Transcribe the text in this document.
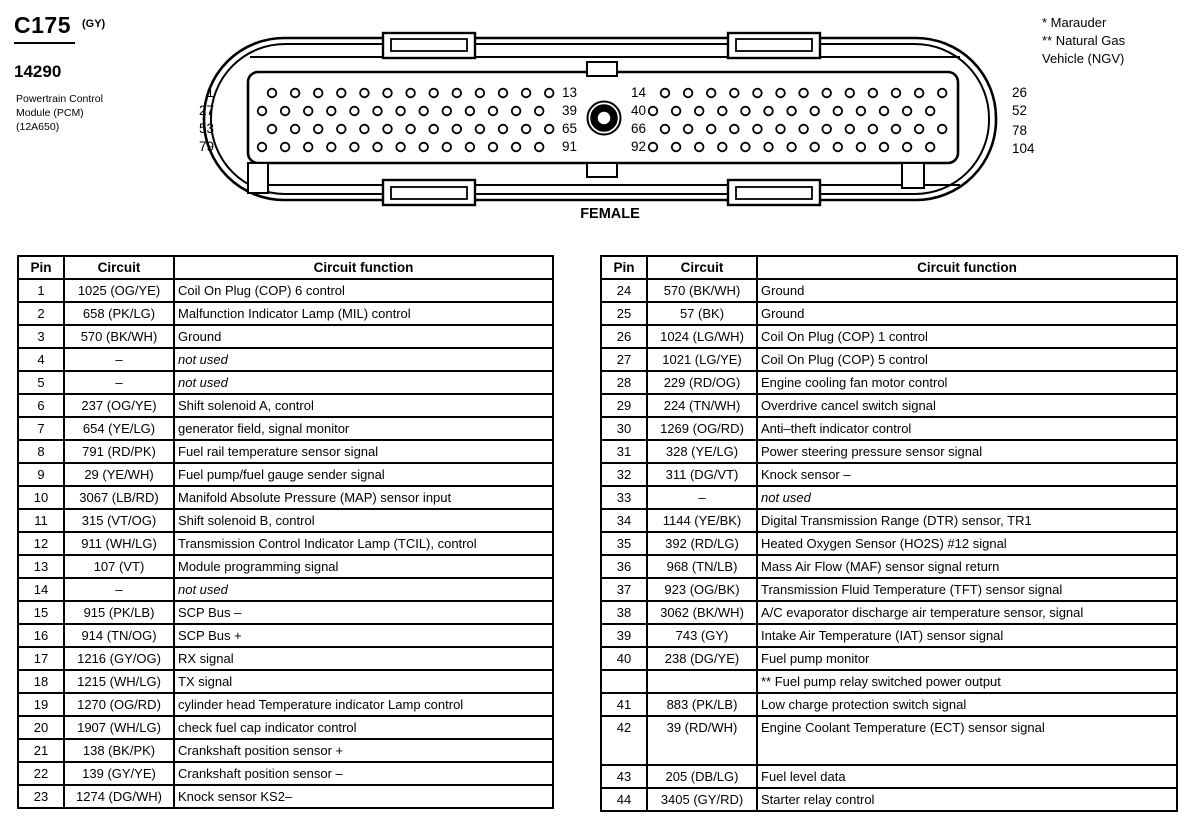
C175 $^{(GY)}$
14290
Powertrain Control
Module (PCM)
(12A650)
* Marauder
** Natural Gas
Vehicle (NGV)
1
27
53
79
13
39
65
91
14
40
66
92
26
52
78
104
FEMALE
Pin	Circuit	Circuit function
1	1025 (OG/YE)	Coil On Plug (COP) 6 control
2	658 (PK/LG)	Malfunction Indicator Lamp (MIL) control
3	570 (BK/WH)	Ground
4	–	not used
5	–	not used
6	237 (OG/YE)	Shift solenoid A, control
7	654 (YE/LG)	generator field, signal monitor
8	791 (RD/PK)	Fuel rail temperature sensor signal
9	29 (YE/WH)	Fuel pump/fuel gauge sender signal
10	3067 (LB/RD)	Manifold Absolute Pressure (MAP) sensor input
11	315 (VT/OG)	Shift solenoid B, control
12	911 (WH/LG)	Transmission Control Indicator Lamp (TCIL), control
13	107 (VT)	Module programming signal
14	–	not used
15	915 (PK/LB)	SCP Bus –
16	914 (TN/OG)	SCP Bus +
17	1216 (GY/OG)	RX signal
18	1215 (WH/LG)	TX signal
19	1270 (OG/RD)	cylinder head Temperature indicator Lamp control
20	1907 (WH/LG)	check fuel cap indicator control
21	138 (BK/PK)	Crankshaft position sensor +
22	139 (GY/YE)	Crankshaft position sensor –
23	1274 (DG/WH)	Knock sensor KS2–
Pin	Circuit	Circuit function
24	570 (BK/WH)	Ground
25	57 (BK)	Ground
26	1024 (LG/WH)	Coil On Plug (COP) 1 control
27	1021 (LG/YE)	Coil On Plug (COP) 5 control
28	229 (RD/OG)	Engine cooling fan motor control
29	224 (TN/WH)	Overdrive cancel switch signal
30	1269 (OG/RD)	Anti–theft indicator control
31	328 (YE/LG)	Power steering pressure sensor signal
32	311 (DG/VT)	Knock sensor –
33	–	not used
34	1144 (YE/BK)	Digital Transmission Range (DTR) sensor, TR1
35	392 (RD/LG)	Heated Oxygen Sensor (HO2S) #12 signal
36	968 (TN/LB)	Mass Air Flow (MAF) sensor signal return
37	923 (OG/BK)	Transmission Fluid Temperature (TFT) sensor signal
38	3062 (BK/WH)	A/C evaporator discharge air temperature sensor, signal
39	743 (GY)	Intake Air Temperature (IAT) sensor signal
40	238 (DG/YE)	Fuel pump monitor
		** Fuel pump relay switched power output
41	883 (PK/LB)	Low charge protection switch signal
42	39 (RD/WH)	Engine Coolant Temperature (ECT) sensor signal
43	205 (DB/LG)	Fuel level data
44	3405 (GY/RD)	Starter relay control
